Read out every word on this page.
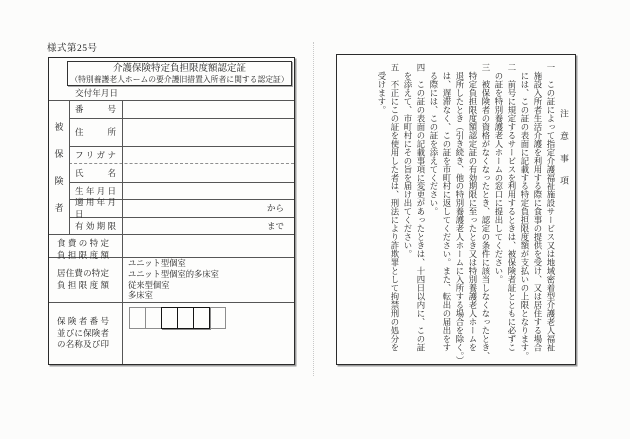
様式第25号
介護保険特定負担限度額認定証
（特別養護老人ホームの要介護旧措置入所者に関する認定証）
交付年月日
被
保
険
者
番号
住所
フリガナ
氏名
生年月日
適用年月日
有効期限
から
まで
食費の特定
負担限度額
居住費の特定
負担限度額
ユニット型個室
ユニット型個室的多床室
従来型個室
多床室
保険者番号
並びに保険者
の名称及び印
注意事項
一　この証によって指定介護福祉施設サービス又は地域密着型介護老人福祉
　施設入所者生活介護を利用する際に食事の提供を受け、又は居住する場合
　には、この証の表面に記載する特定負担限度額が支払いの上限となります。
二　前号に規定するサービスを利用するときは、被保険者証とともに必ずこ
　の証を特別養護老人ホームの窓口に提出してください。
三　被保険者の資格がなくなったとき、認定の条件に該当しなくなったとき、
　特定負担限度額認定証の有効期限に至ったとき又は特別養護老人ホームを
　退所したとき（引き続き、他の特別養護老人ホームに入所する場合を除く。）
　は、遅滞なく、この証を市町村に返してください。また、転出の届出をす
　る際には、この証を添えてください。
四　この証の表面の記載事項に変更があったときは、十四日以内に、この証
　を添えて、市町村にその旨を届け出てください。
五　不正にこの証を使用した者は、刑法により詐欺罪として拘禁刑の処分を
　受けます。
